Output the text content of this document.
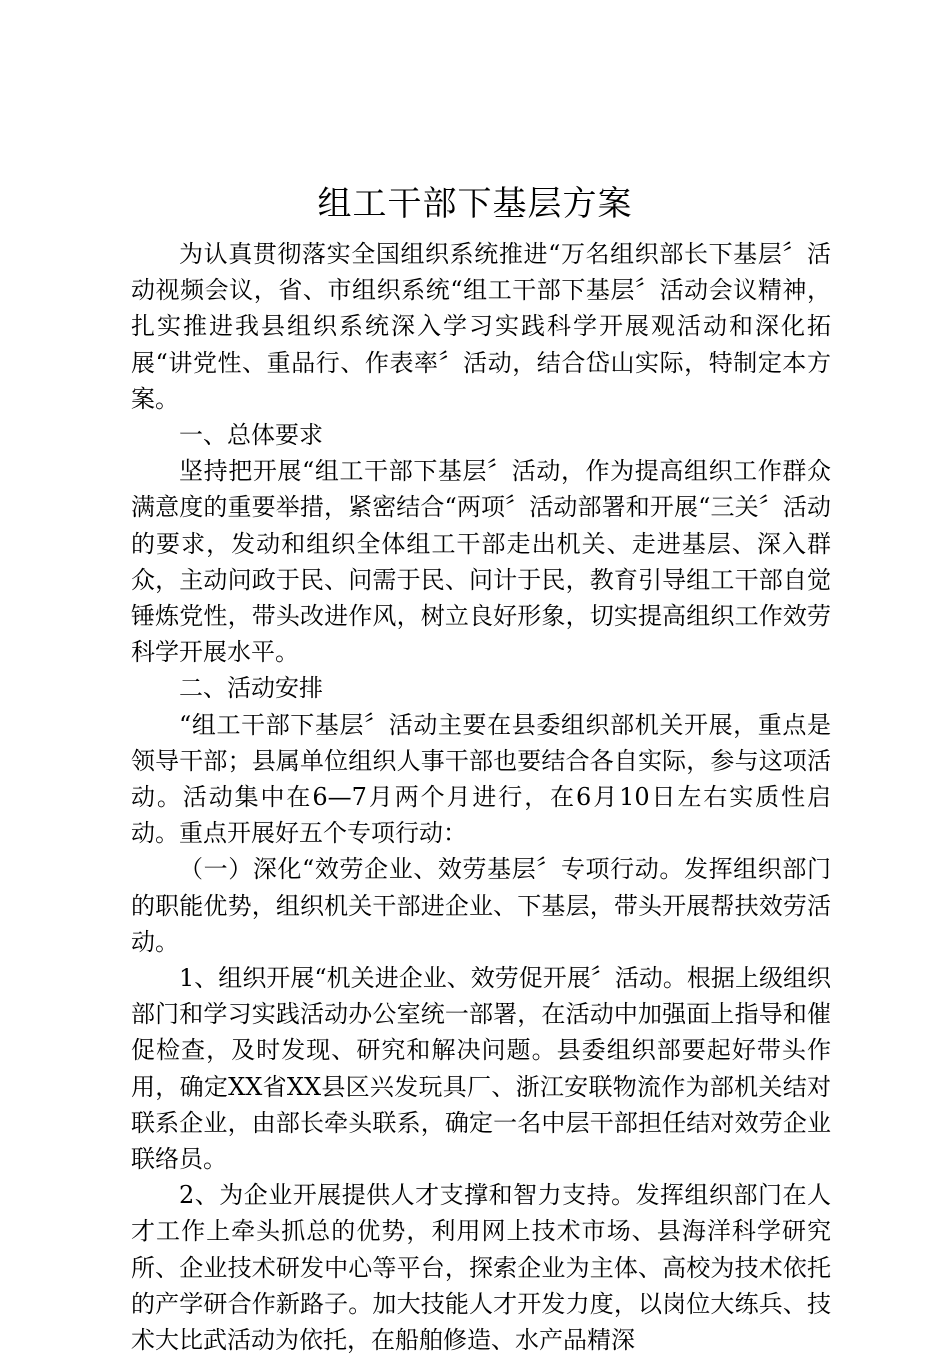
组工干部下基层方案

为认真贯彻落实全国组织系统推进“万名组织部长下基层〞活动视频会议，省、市组织系统“组工干部下基层〞活动会议精神，扎实推进我县组织系统深入学习实践科学开展观活动和深化拓展“讲党性、重品行、作表率〞活动，结合岱山实际，特制定本方案。

一、总体要求

坚持把开展“组工干部下基层〞活动，作为提高组织工作群众满意度的重要举措，紧密结合“两项〞活动部署和开展“三关〞活动的要求，发动和组织全体组工干部走出机关、走进基层、深入群众，主动问政于民、问需于民、问计于民，教育引导组工干部自觉锤炼党性，带头改进作风，树立良好形象，切实提高组织工作效劳科学开展水平。

二、活动安排

“组工干部下基层〞活动主要在县委组织部机关开展，重点是领导干部；县属单位组织人事干部也要结合各自实际，参与这项活动。活动集中在6—7月两个月进行，在6月10日左右实质性启动。重点开展好五个专项行动：

（一）深化“效劳企业、效劳基层〞专项行动。发挥组织部门的职能优势，组织机关干部进企业、下基层，带头开展帮扶效劳活动。

1、组织开展“机关进企业、效劳促开展〞活动。根据上级组织部门和学习实践活动办公室统一部署，在活动中加强面上指导和催促检查，及时发现、研究和解决问题。县委组织部要起好带头作用，确定XX省XX县区兴发玩具厂、浙江安联物流作为部机关结对联系企业，由部长牵头联系，确定一名中层干部担任结对效劳企业联络员。

2、为企业开展提供人才支撑和智力支持。发挥组织部门在人才工作上牵头抓总的优势，利用网上技术市场、县海洋科学研究所、企业技术研发中心等平台，探索企业为主体、高校为技术依托的产学研合作新路子。加大技能人才开发力度，以岗位大练兵、技术大比武活动为依托，在船舶修造、水产品精深
